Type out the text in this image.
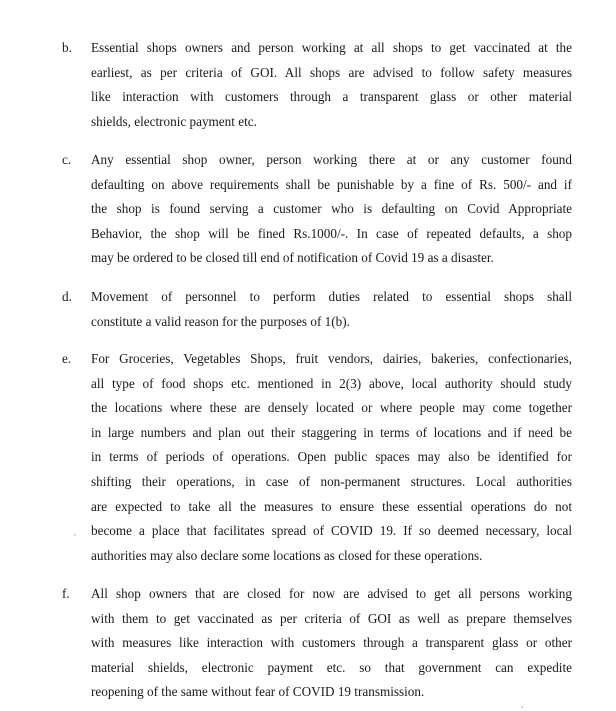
b.	Essential shops owners and person working at all shops to get vaccinated at the
earliest, as per criteria of GOI. All shops are advised to follow safety measures
like interaction with customers through a transparent glass or other material
shields, electronic payment etc.
c.	Any essential shop owner, person working there at or any customer found
defaulting on above requirements shall be punishable by a fine of Rs. 500/- and if
the shop is found serving a customer who is defaulting on Covid Appropriate
Behavior, the shop will be fined Rs.1000/-. In case of repeated defaults, a shop
may be ordered to be closed till end of notification of Covid 19 as a disaster.
d.	Movement of personnel to perform duties related to essential shops shall
constitute a valid reason for the purposes of 1(b).
e.	For Groceries, Vegetables Shops, fruit vendors, dairies, bakeries, confectionaries,
all type of food shops etc. mentioned in 2(3) above, local authority should study
the locations where these are densely located or where people may come together
in large numbers and plan out their staggering in terms of locations and if need be
in terms of periods of operations. Open public spaces may also be identified for
shifting their operations, in case of non-permanent structures. Local authorities
are expected to take all the measures to ensure these essential operations do not
become a place that facilitates spread of COVID 19. If so deemed necessary, local
authorities may also declare some locations as closed for these operations.
f.	All shop owners that are closed for now are advised to get all persons working
with them to get vaccinated as per criteria of GOI as well as prepare themselves
with measures like interaction with customers through a transparent glass or other
material shields, electronic payment etc. so that government can expedite
reopening of the same without fear of COVID 19 transmission.
